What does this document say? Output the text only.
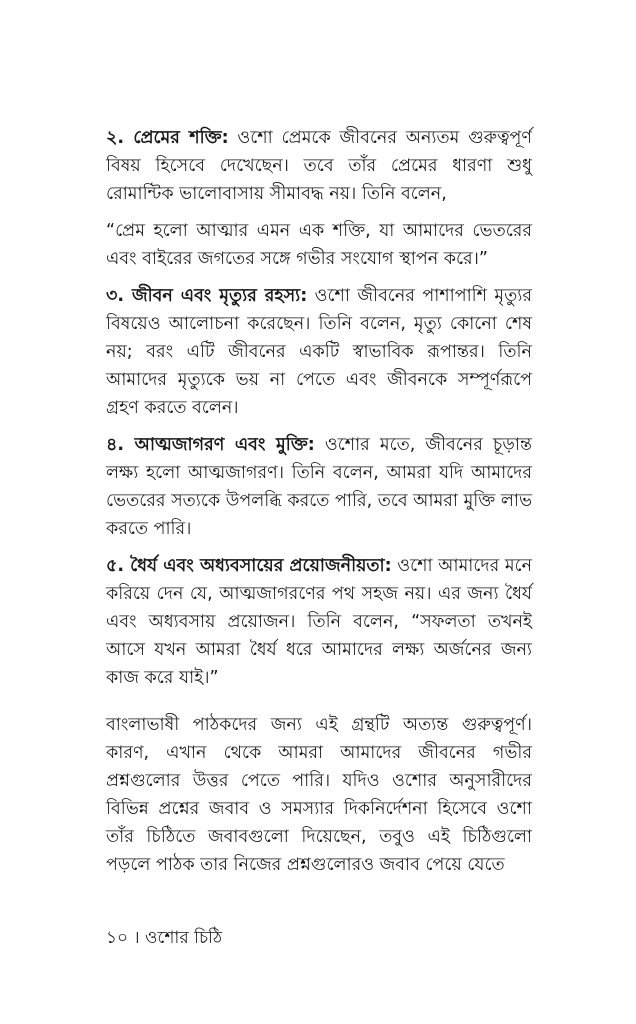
২. প্রেমের শক্তি: ওশো প্রেমকে জীবনের অন্যতম গুরুত্বপূর্ণ বিষয় হিসেবে দেখেছেন। তবে তাঁর প্রেমের ধারণা শুধু রোমান্টিক ভালোবাসায় সীমাবদ্ধ নয়। তিনি বলেন,

“প্রেম হলো আত্মার এমন এক শক্তি, যা আমাদের ভেতরের এবং বাইরের জগতের সঙ্গে গভীর সংযোগ স্থাপন করে।”

৩. জীবন এবং মৃত্যুর রহস্য: ওশো জীবনের পাশাপাশি মৃত্যুর বিষয়েও আলোচনা করেছেন। তিনি বলেন, মৃত্যু কোনো শেষ নয়; বরং এটি জীবনের একটি স্বাভাবিক রূপান্তর। তিনি আমাদের মৃত্যুকে ভয় না পেতে এবং জীবনকে সম্পূর্ণরূপে গ্রহণ করতে বলেন।

৪. আত্মজাগরণ এবং মুক্তি: ওশোর মতে, জীবনের চূড়ান্ত লক্ষ্য হলো আত্মজাগরণ। তিনি বলেন, আমরা যদি আমাদের ভেতরের সত্যকে উপলব্ধি করতে পারি, তবে আমরা মুক্তি লাভ করতে পারি।

৫. ধৈর্য এবং অধ্যবসায়ের প্রয়োজনীয়তা: ওশো আমাদের মনে করিয়ে দেন যে, আত্মজাগরণের পথ সহজ নয়। এর জন্য ধৈর্য এবং অধ্যবসায় প্রয়োজন। তিনি বলেন, “সফলতা তখনই আসে যখন আমরা ধৈর্য ধরে আমাদের লক্ষ্য অর্জনের জন্য কাজ করে যাই।”

বাংলাভাষী পাঠকদের জন্য এই গ্রন্থটি অত্যন্ত গুরুত্বপূর্ণ। কারণ, এখান থেকে আমরা আমাদের জীবনের গভীর প্রশ্নগুলোর উত্তর পেতে পারি। যদিও ওশোর অনুসারীদের বিভিন্ন প্রশ্নের জবাব ও সমস্যার দিকনির্দেশনা হিসেবে ওশো তাঁর চিঠিতে জবাবগুলো দিয়েছেন, তবুও এই চিঠিগুলো পড়লে পাঠক তার নিজের প্রশ্নগুলোরও জবাব পেয়ে যেতে

১০ । ওশোর চিঠি
